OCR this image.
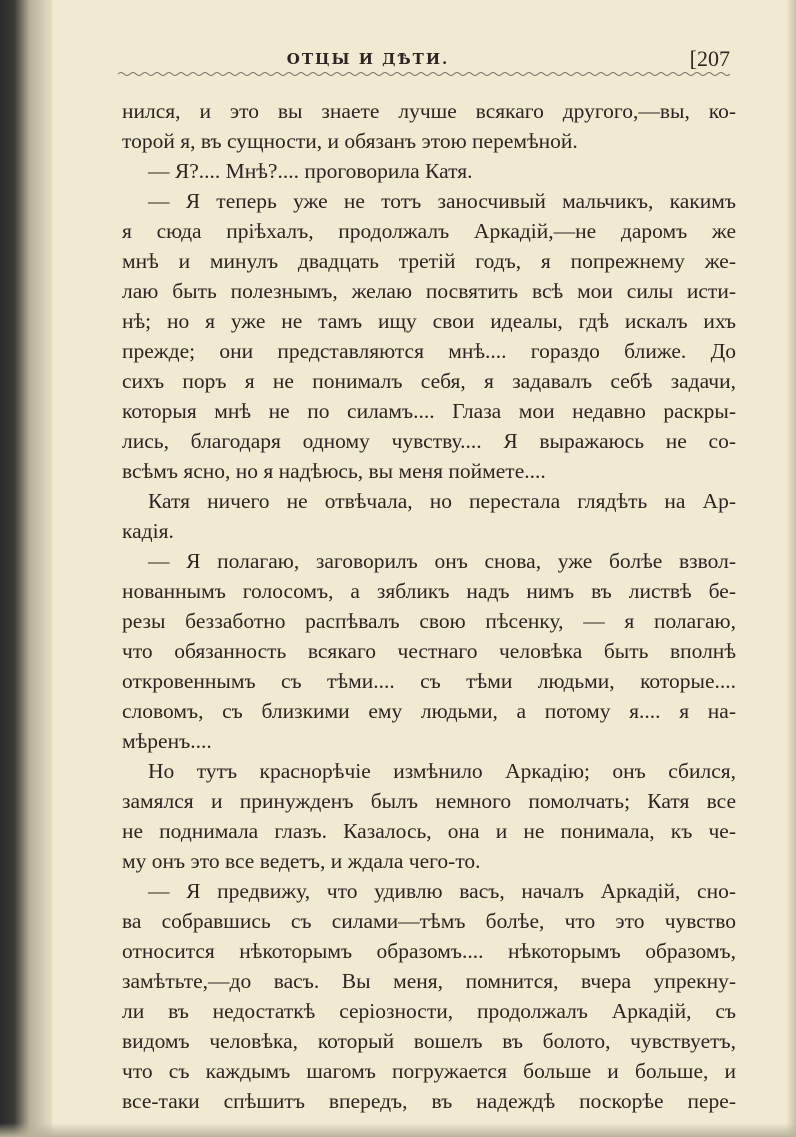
ОТЦЫ И ДѢТИ.	[207
нился, и это вы знаете лучше всякаго другого,—вы, ко-
торой я, въ сущности, и обязанъ этою перемѣной.
— Я?.... Мнѣ?.... проговорила Катя.
— Я теперь уже не тотъ заносчивый мальчикъ, какимъ
я сюда пріѣхалъ, продолжалъ Аркадій,—не даромъ же
мнѣ и минулъ двадцать третій годъ, я попрежнему же-
лаю быть полезнымъ, желаю посвятить всѣ мои силы исти-
нѣ; но я уже не тамъ ищу свои идеалы, гдѣ искалъ ихъ
прежде; они представляются мнѣ.... гораздо ближе. До
сихъ поръ я не понималъ себя, я задавалъ себѣ задачи,
которыя мнѣ не по силамъ.... Глаза мои недавно раскры-
лись, благодаря одному чувству.... Я выражаюсь не со-
всѣмъ ясно, но я надѣюсь, вы меня поймете....
Катя ничего не отвѣчала, но перестала глядѣть на Ар-
кадія.
— Я полагаю, заговорилъ онъ снова, уже болѣе взвол-
нованнымъ голосомъ, а зябликъ надъ нимъ въ листвѣ бе-
резы беззаботно распѣвалъ свою пѣсенку, — я полагаю,
что обязанность всякаго честнаго человѣка быть вполнѣ
откровеннымъ съ тѣми.... съ тѣми людьми, которые....
словомъ, съ близкими ему людьми, а потому я.... я на-
мѣренъ....
Но тутъ краснорѣчіе измѣнило Аркадію; онъ сбился,
замялся и принужденъ былъ немного помолчать; Катя все
не поднимала глазъ. Казалось, она и не понимала, къ че-
му онъ это все ведетъ, и ждала чего-то.
— Я предвижу, что удивлю васъ, началъ Аркадій, сно-
ва собравшись съ силами—тѣмъ болѣе, что это чувство
относится нѣкоторымъ образомъ.... нѣкоторымъ образомъ,
замѣтьте,—до васъ. Вы меня, помнится, вчера упрекну-
ли въ недостаткѣ серіозности, продолжалъ Аркадій, съ
видомъ человѣка, который вошелъ въ болото, чувствуетъ,
что съ каждымъ шагомъ погружается больше и больше, и
все-таки спѣшитъ впередъ, въ надеждѣ поскорѣе пере-
